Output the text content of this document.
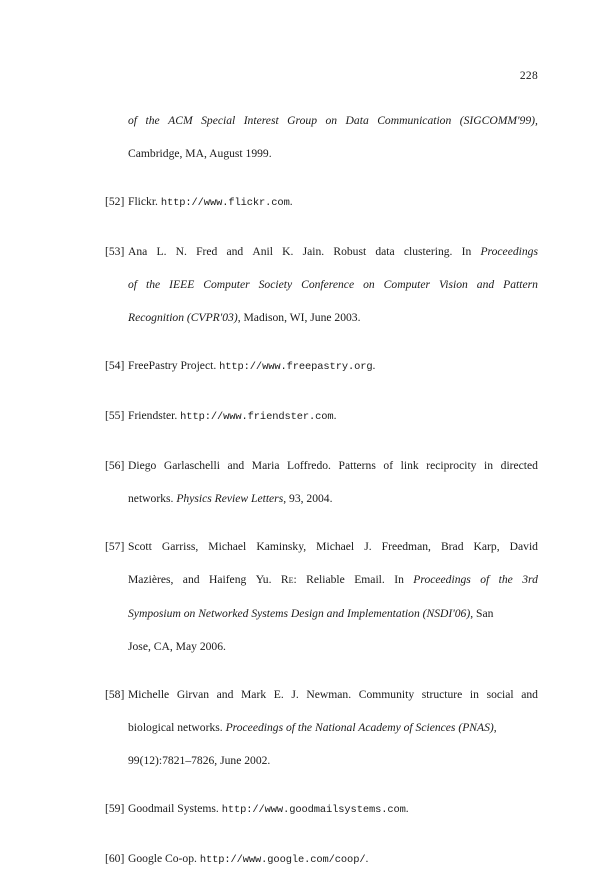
228
of the ACM Special Interest Group on Data Communication (SIGCOMM'99),
Cambridge, MA, August 1999.
[52] Flickr. http://www.flickr.com.
[53] Ana L. N. Fred and Anil K. Jain. Robust data clustering. In Proceedings
of the IEEE Computer Society Conference on Computer Vision and Pattern
Recognition (CVPR'03), Madison, WI, June 2003.
[54] FreePastry Project. http://www.freepastry.org.
[55] Friendster. http://www.friendster.com.
[56] Diego Garlaschelli and Maria Loffredo. Patterns of link reciprocity in directed
networks. Physics Review Letters, 93, 2004.
[57] Scott Garriss, Michael Kaminsky, Michael J. Freedman, Brad Karp, David
Mazières, and Haifeng Yu. Re: Reliable Email. In Proceedings of the 3rd
Symposium on Networked Systems Design and Implementation (NSDI'06), San
Jose, CA, May 2006.
[58] Michelle Girvan and Mark E. J. Newman. Community structure in social and
biological networks. Proceedings of the National Academy of Sciences (PNAS),
99(12):7821–7826, June 2002.
[59] Goodmail Systems. http://www.goodmailsystems.com.
[60] Google Co-op. http://www.google.com/coop/.
